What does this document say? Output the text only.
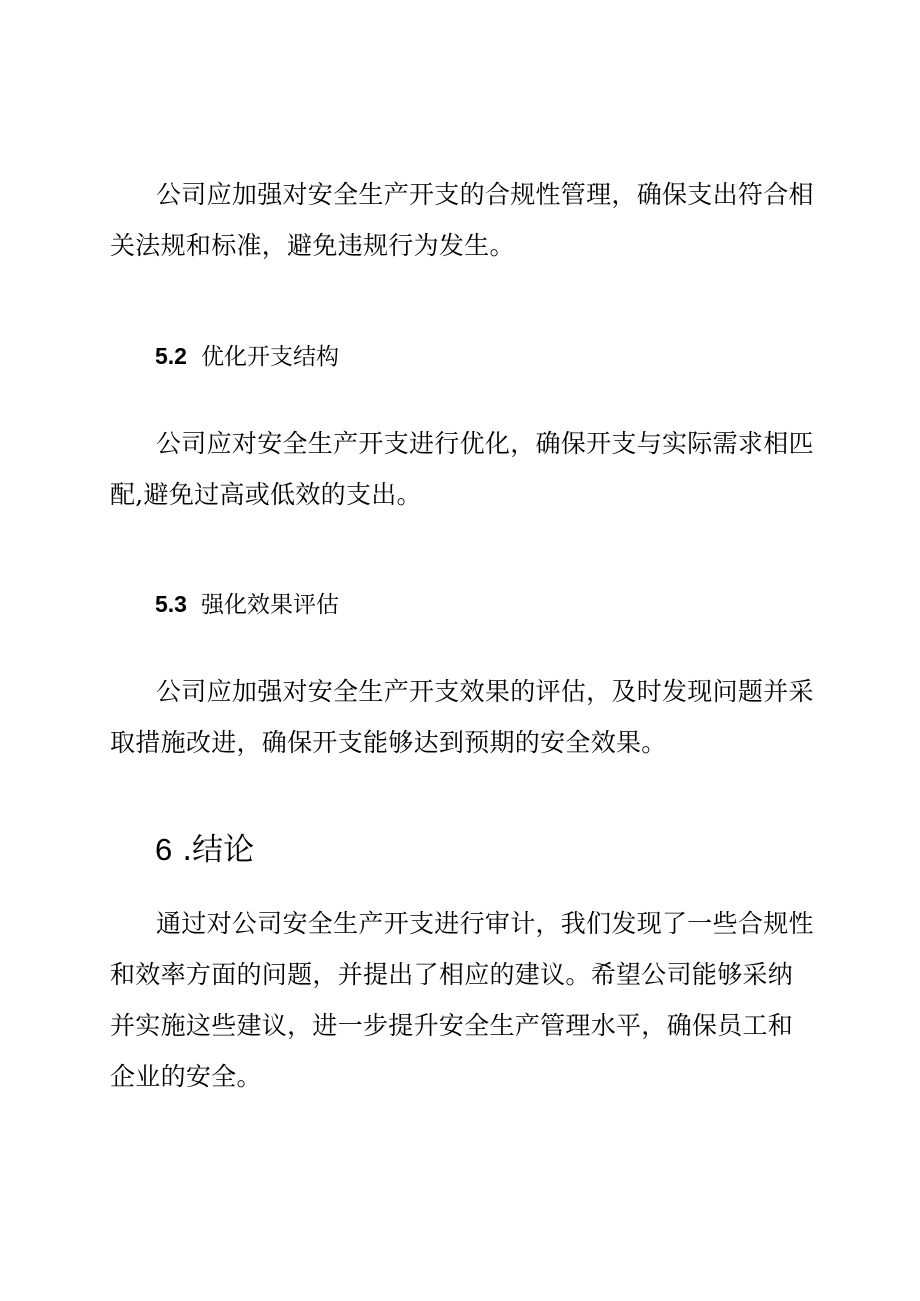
公司应加强对安全生产开支的合规性管理，确保支出符合相关法规和标准，避免违规行为发生。

5.2 优化开支结构

公司应对安全生产开支进行优化，确保开支与实际需求相匹配,避免过高或低效的支出。

5.3 强化效果评估

公司应加强对安全生产开支效果的评估，及时发现问题并采取措施改进，确保开支能够达到预期的安全效果。

6 .结论

通过对公司安全生产开支进行审计，我们发现了一些合规性和效率方面的问题，并提出了相应的建议。希望公司能够采纳并实施这些建议，进一步提升安全生产管理水平，确保员工和企业的安全。
